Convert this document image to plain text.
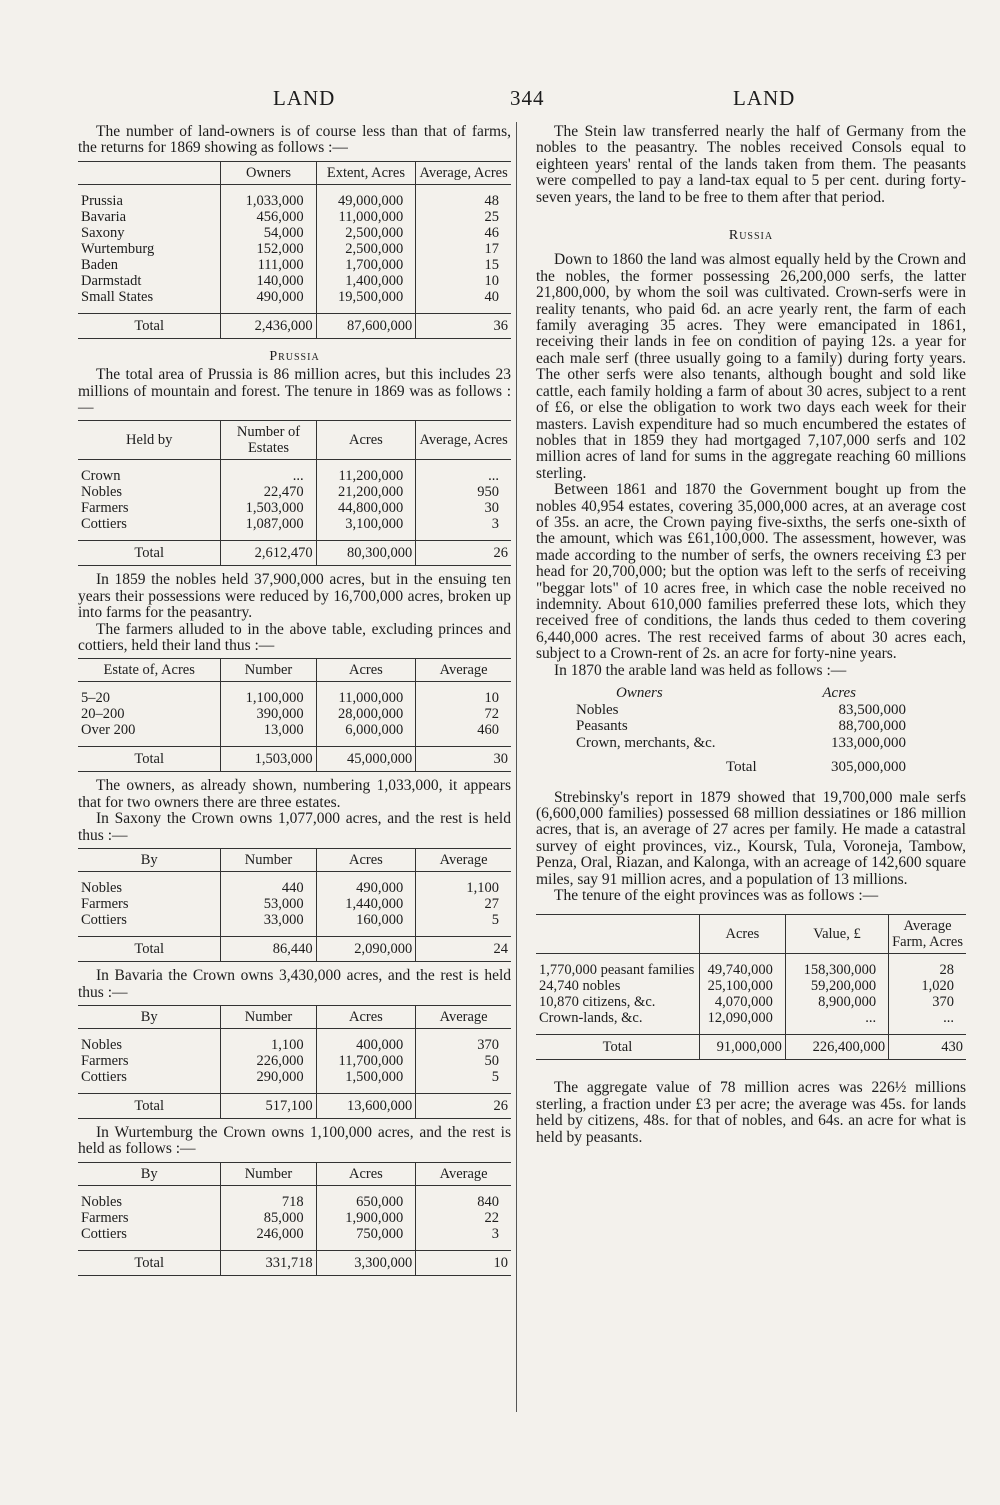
LAND	344	LAND

The number of land-owners is of course less than that of farms, the returns for 1869 showing as follows :—

	Owners	Extent, Acres	Average, Acres

Prussia	1,033,000	49,000,000	48
Bavaria	456,000	11,000,000	25
Saxony	54,000	2,500,000	46
Wurtemburg	152,000	2,500,000	17
Baden	111,000	1,700,000	15
Darmstadt	140,000	1,400,000	10
Small States	490,000	19,500,000	40

Total	2,436,000	87,600,000	36
Prussia

The total area of Prussia is 86 million acres, but this includes 23 millions of mountain and forest. The tenure in 1869 was as follows :—

Held by	Number of Estates	Acres	Average, Acres

Crown	...	11,200,000	...
Nobles	22,470	21,200,000	950
Farmers	1,503,000	44,800,000	30
Cottiers	1,087,000	3,100,000	3

Total	2,612,470	80,300,000	26

In 1859 the nobles held 37,900,000 acres, but in the ensuing ten years their possessions were reduced by 16,700,000 acres, broken up into farms for the peasantry.

The farmers alluded to in the above table, excluding princes and cottiers, held their land thus :—

Estate of, Acres	Number	Acres	Average

5–20	1,100,000	11,000,000	10
20–200	390,000	28,000,000	72
Over 200	13,000	6,000,000	460

Total	1,503,000	45,000,000	30

The owners, as already shown, numbering 1,033,000, it appears that for two owners there are three estates.

In Saxony the Crown owns 1,077,000 acres, and the rest is held thus :—

By	Number	Acres	Average

Nobles	440	490,000	1,100
Farmers	53,000	1,440,000	27
Cottiers	33,000	160,000	5

Total	86,440	2,090,000	24

In Bavaria the Crown owns 3,430,000 acres, and the rest is held thus :—

By	Number	Acres	Average

Nobles	1,100	400,000	370
Farmers	226,000	11,700,000	50
Cottiers	290,000	1,500,000	5

Total	517,100	13,600,000	26

In Wurtemburg the Crown owns 1,100,000 acres, and the rest is held as follows :—

By	Number	Acres	Average

Nobles	718	650,000	840
Farmers	85,000	1,900,000	22
Cottiers	246,000	750,000	3

Total	331,718	3,300,000	10

The Stein law transferred nearly the half of Germany from the nobles to the peasantry. The nobles received Consols equal to eighteen years' rental of the lands taken from them. The peasants were compelled to pay a land-tax equal to 5 per cent. during forty-seven years, the land to be free to them after that period.

Russia

Down to 1860 the land was almost equally held by the Crown and the nobles, the former possessing 26,200,000 serfs, the latter 21,800,000, by whom the soil was cultivated. Crown-serfs were in reality tenants, who paid 6d. an acre yearly rent, the farm of each family averaging 35 acres. They were emancipated in 1861, receiving their lands in fee on condition of paying 12s. a year for each male serf (three usually going to a family) during forty years. The other serfs were also tenants, although bought and sold like cattle, each family holding a farm of about 30 acres, subject to a rent of £6, or else the obligation to work two days each week for their masters. Lavish expenditure had so much encumbered the estates of nobles that in 1859 they had mortgaged 7,107,000 serfs and 102 million acres of land for sums in the aggregate reaching 60 millions sterling.

Between 1861 and 1870 the Government bought up from the nobles 40,954 estates, covering 35,000,000 acres, at an average cost of 35s. an acre, the Crown paying five-sixths, the serfs one-sixth of the amount, which was £61,100,000. The assessment, however, was made according to the number of serfs, the owners receiving £3 per head for 20,700,000; but the option was left to the serfs of receiving "beggar lots" of 10 acres free, in which case the noble received no indemnity. About 610,000 families preferred these lots, which they received free of conditions, the lands thus ceded to them covering 6,440,000 acres. The rest received farms of about 30 acres each, subject to a Crown-rent of 2s. an acre for forty-nine years.

In 1870 the arable land was held as follows :—

Owners	Acres
Nobles	83,500,000
Peasants	88,700,000
Crown, merchants, &c.	133,000,000
Total	305,000,000

Strebinsky's report in 1879 showed that 19,700,000 male serfs (6,600,000 families) possessed 68 million dessiatines or 186 million acres, that is, an average of 27 acres per family. He made a catastral survey of eight provinces, viz., Koursk, Tula, Voroneja, Tambow, Penza, Oral, Riazan, and Kalonga, with an acreage of 142,600 square miles, say 91 million acres, and a population of 13 millions.

The tenure of the eight provinces was as follows :—

	Acres	Value, £	Average Farm, Acres

1,770,000 peasant families	49,740,000	158,300,000	28
24,740 nobles	25,100,000	59,200,000	1,020
10,870 citizens, &c.	4,070,000	8,900,000	370
Crown-lands, &c.	12,090,000	...	...

Total	91,000,000	226,400,000	430

The aggregate value of 78 million acres was 226½ millions sterling, a fraction under £3 per acre; the average was 45s. for lands held by citizens, 48s. for that of nobles, and 64s. an acre for what is held by peasants.
